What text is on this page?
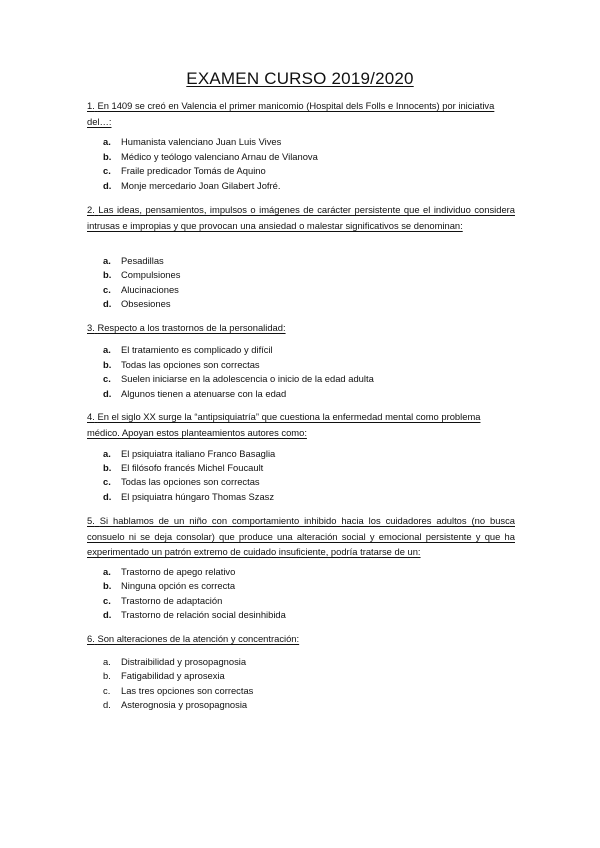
EXAMEN CURSO 2019/2020
1. En 1409 se creó en Valencia el primer manicomio (Hospital dels Folls e Innocents) por iniciativa del…:
a. Humanista valenciano Juan Luis Vives
b. Médico y teólogo valenciano Arnau de Vilanova
c. Fraile predicador Tomás de Aquino
d. Monje mercedario Joan Gilabert Jofré.
2. Las ideas, pensamientos, impulsos o imágenes de carácter persistente que el individuo considera intrusas e impropias y que provocan una ansiedad o malestar significativos se denominan:
a. Pesadillas
b. Compulsiones
c. Alucinaciones
d. Obsesiones
3. Respecto a los trastornos de la personalidad:
a. El tratamiento es complicado y difícil
b. Todas las opciones son correctas
c. Suelen iniciarse en la adolescencia o inicio de la edad adulta
d. Algunos tienen a atenuarse con la edad
4. En el siglo XX surge la “antipsiquiatría” que cuestiona la enfermedad mental como problema médico. Apoyan estos planteamientos autores como:
a. El psiquiatra italiano Franco Basaglia
b. El filósofo francés Michel Foucault
c. Todas las opciones son correctas
d. El psiquiatra húngaro Thomas Szasz
5. Si hablamos de un niño con comportamiento inhibido hacia los cuidadores adultos (no busca consuelo ni se deja consolar) que produce una alteración social y emocional persistente y que ha experimentado un patrón extremo de cuidado insuficiente, podría tratarse de un:
a. Trastorno de apego relativo
b. Ninguna opción es correcta
c. Trastorno de adaptación
d. Trastorno de relación social desinhibida
6. Son alteraciones de la atención y concentración:
a. Distraibilidad y prosopagnosia
b. Fatigabilidad y aprosexia
c. Las tres opciones son correctas
d. Asterognosia y prosopagnosia
